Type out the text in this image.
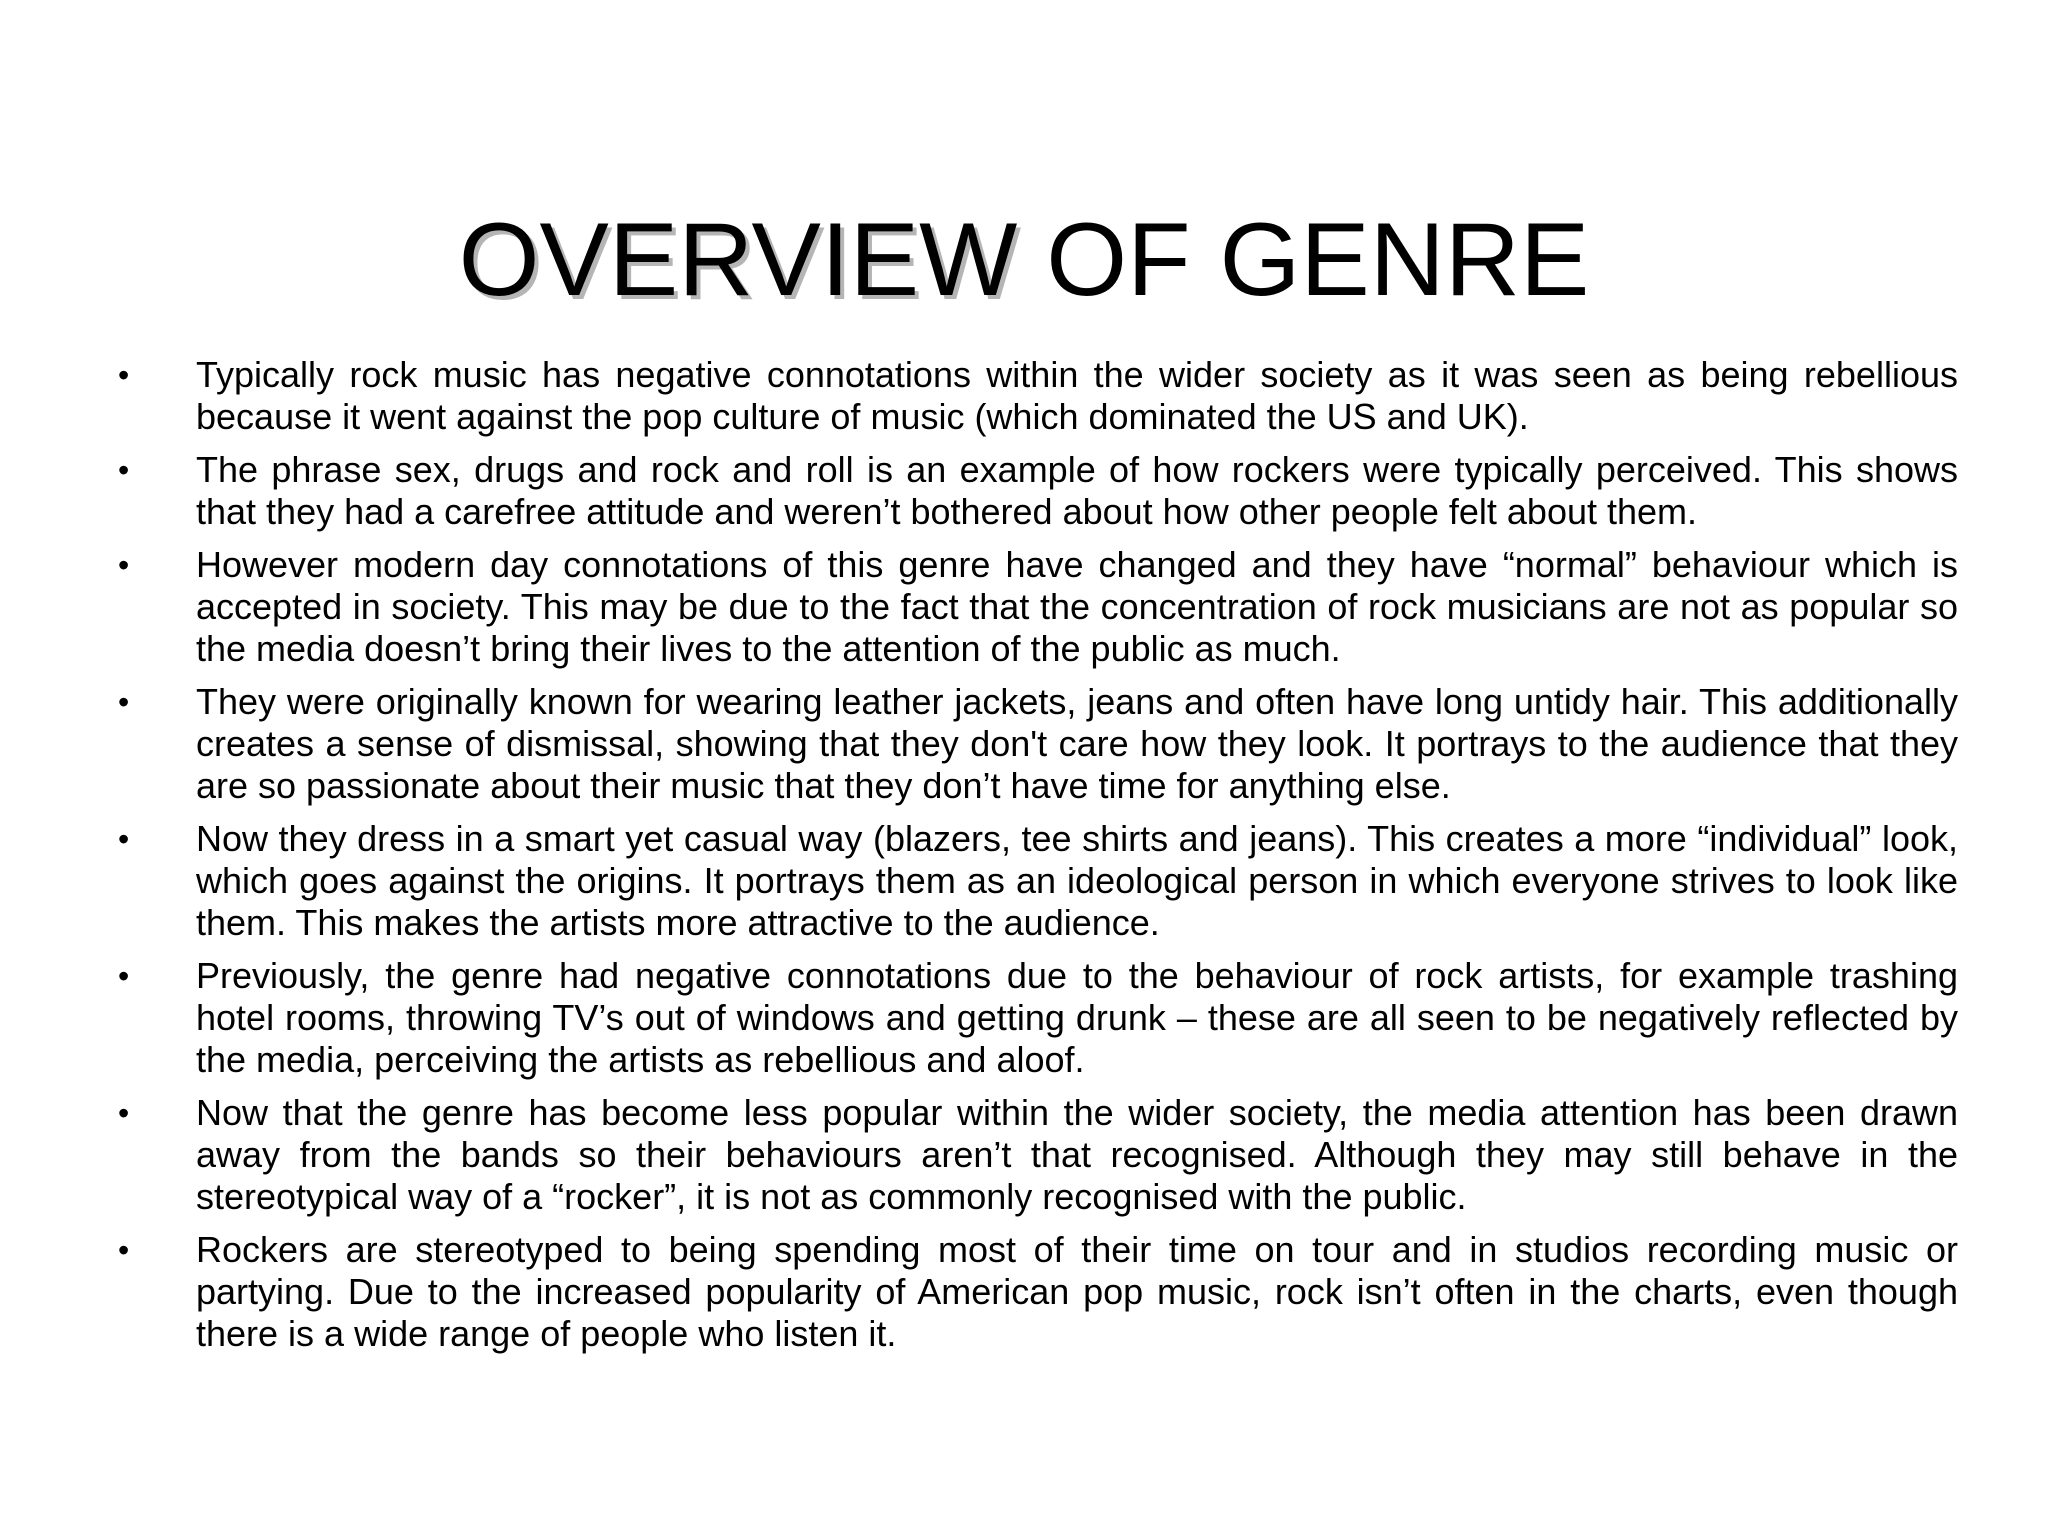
OVERVIEW OF GENRE
•	Typically rock music has negative connotations within the wider society as it was seen as being rebellious because it went against the pop culture of music (which dominated the US and UK).
•	The phrase sex, drugs and rock and roll is an example of how rockers were typically perceived. This shows that they had a carefree attitude and weren’t bothered about how other people felt about them.
•	However modern day connotations of this genre have changed and they have “normal” behaviour which is accepted in society. This may be due to the fact that the concentration of rock musicians are not as popular so the media doesn’t bring their lives to the attention of the public as much.
•	They were originally known for wearing leather jackets, jeans and often have long untidy hair. This additionally creates a sense of dismissal, showing that they don't care how they look. It portrays to the audience that they are so passionate about their music that they don’t have time for anything else.
•	Now they dress in a smart yet casual way (blazers, tee shirts and jeans). This creates a more “individual” look, which goes against the origins. It portrays them as an ideological person in which everyone strives to look like them. This makes the artists more attractive to the audience.
•	Previously, the genre had negative connotations due to the behaviour of rock artists, for example trashing hotel rooms, throwing TV’s out of windows and getting drunk – these are all seen to be negatively reflected by the media, perceiving the artists as rebellious and aloof.
•	Now that the genre has become less popular within the wider society, the media attention has been drawn away from the bands so their behaviours aren’t that recognised. Although they may still behave in the stereotypical way of a “rocker”, it is not as commonly recognised with the public.
•	Rockers are stereotyped to being spending most of their time on tour and in studios recording music or partying. Due to the increased popularity of American pop music, rock isn’t often in the charts, even though there is a wide range of people who listen it.
